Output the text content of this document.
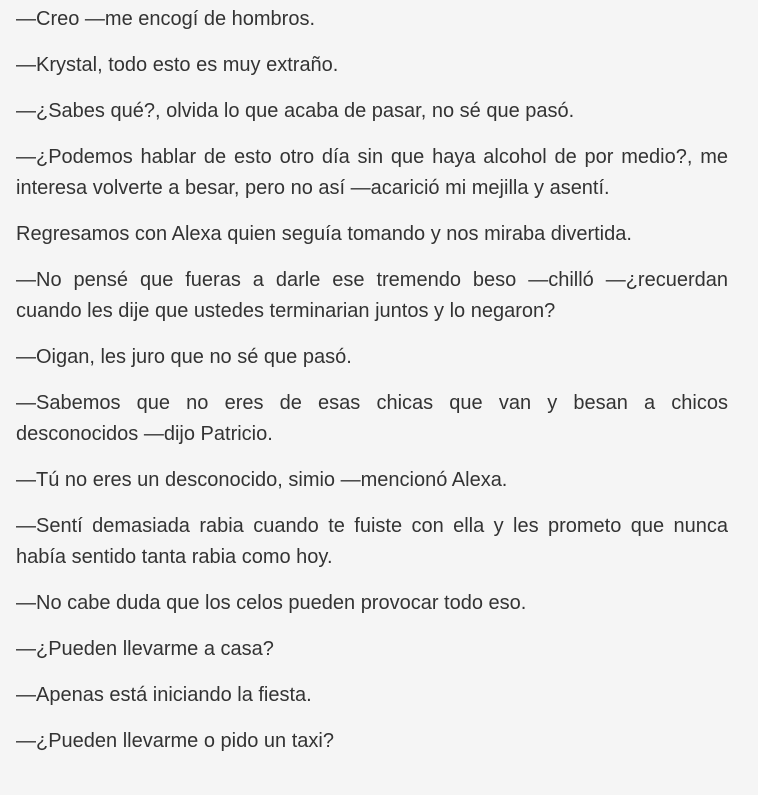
—Creo —me encogí de hombros.

—Krystal, todo esto es muy extraño.

—¿Sabes qué?, olvida lo que acaba de pasar, no sé que pasó.

—¿Podemos hablar de esto otro día sin que haya alcohol de por medio?, me interesa volverte a besar, pero no así —acarició mi mejilla y asentí.

Regresamos con Alexa quien seguía tomando y nos miraba divertida.

—No pensé que fueras a darle ese tremendo beso —chilló —¿recuerdan cuando les dije que ustedes terminarian juntos y lo negaron?

—Oigan, les juro que no sé que pasó.

—Sabemos que no eres de esas chicas que van y besan a chicos desconocidos —dijo Patricio.

—Tú no eres un desconocido, simio —mencionó Alexa.

—Sentí demasiada rabia cuando te fuiste con ella y les prometo que nunca había sentido tanta rabia como hoy.

—No cabe duda que los celos pueden provocar todo eso.

—¿Pueden llevarme a casa?

—Apenas está iniciando la fiesta.

—¿Pueden llevarme o pido un taxi?
